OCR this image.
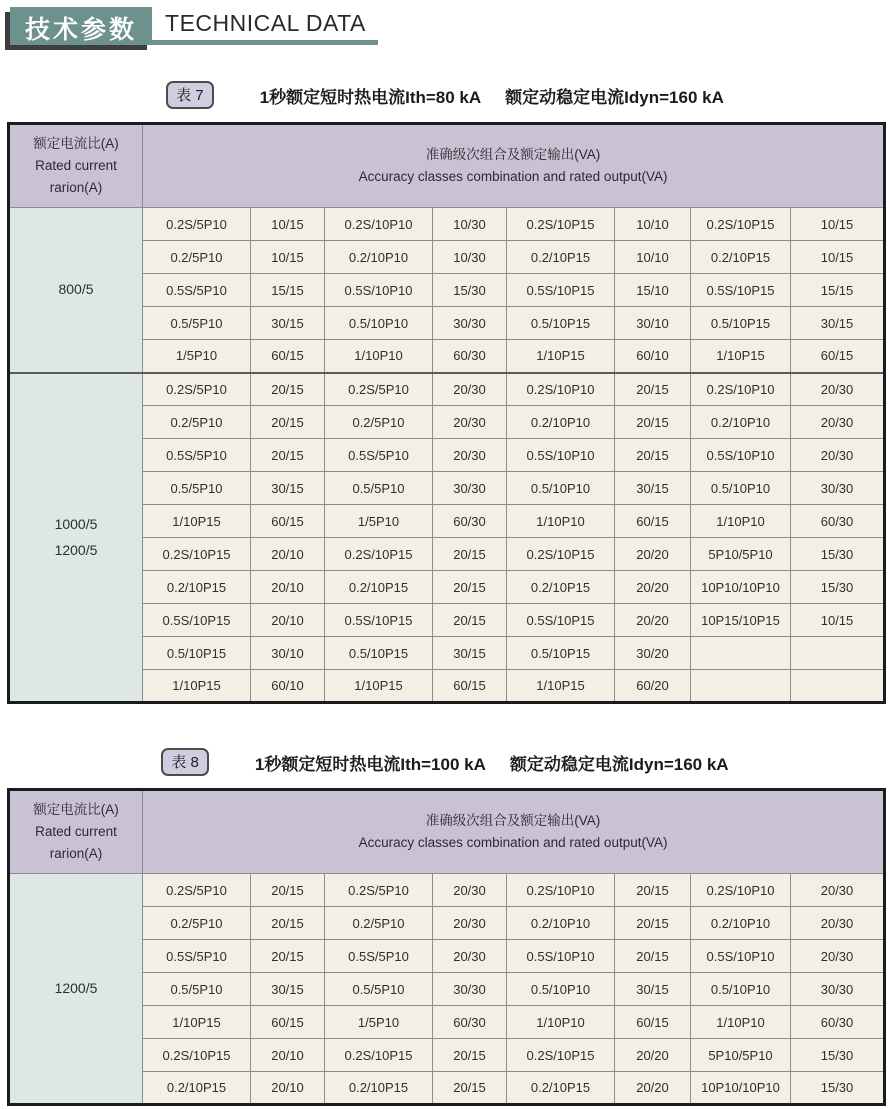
技术参数	TECHNICAL DATA
表 7	1秒额定短时热电流Ith=80 kA 额定动稳定电流Idyn=160 kA
额定电流比(A)
Rated current
rarion(A)	准确级次组合及额定输出(VA)
Accuracy classes combination and rated output(VA)							
800/5	0.2S/5P10	10/15	0.2S/10P10	10/30	0.2S/10P15	10/10	0.2S/10P15	10/15
	0.2/5P10	10/15	0.2/10P10	10/30	0.2/10P15	10/10	0.2/10P15	10/15
	0.5S/5P10	15/15	0.5S/10P10	15/30	0.5S/10P15	15/10	0.5S/10P15	15/15
	0.5/5P10	30/15	0.5/10P10	30/30	0.5/10P15	30/10	0.5/10P15	30/15
	1/5P10	60/15	1/10P10	60/30	1/10P15	60/10	1/10P15	60/15
1000/5
1200/5	0.2S/5P10	20/15	0.2S/5P10	20/30	0.2S/10P10	20/15	0.2S/10P10	20/30
	0.2/5P10	20/15	0.2/5P10	20/30	0.2/10P10	20/15	0.2/10P10	20/30
	0.5S/5P10	20/15	0.5S/5P10	20/30	0.5S/10P10	20/15	0.5S/10P10	20/30
	0.5/5P10	30/15	0.5/5P10	30/30	0.5/10P10	30/15	0.5/10P10	30/30
	1/10P15	60/15	1/5P10	60/30	1/10P10	60/15	1/10P10	60/30
	0.2S/10P15	20/10	0.2S/10P15	20/15	0.2S/10P15	20/20	5P10/5P10	15/30
	0.2/10P15	20/10	0.2/10P15	20/15	0.2/10P15	20/20	10P10/10P10	15/30
	0.5S/10P15	20/10	0.5S/10P15	20/15	0.5S/10P15	20/20	10P15/10P15	10/15
	0.5/10P15	30/10	0.5/10P15	30/15	0.5/10P15	30/20		
	1/10P15	60/10	1/10P15	60/15	1/10P15	60/20		
表 8	1秒额定短时热电流Ith=100 kA 额定动稳定电流Idyn=160 kA
额定电流比(A)
Rated current
rarion(A)	准确级次组合及额定输出(VA)
Accuracy classes combination and rated output(VA)							
1200/5	0.2S/5P10	20/15	0.2S/5P10	20/30	0.2S/10P10	20/15	0.2S/10P10	20/30
	0.2/5P10	20/15	0.2/5P10	20/30	0.2/10P10	20/15	0.2/10P10	20/30
	0.5S/5P10	20/15	0.5S/5P10	20/30	0.5S/10P10	20/15	0.5S/10P10	20/30
	0.5/5P10	30/15	0.5/5P10	30/30	0.5/10P10	30/15	0.5/10P10	30/30
	1/10P15	60/15	1/5P10	60/30	1/10P10	60/15	1/10P10	60/30
	0.2S/10P15	20/10	0.2S/10P15	20/15	0.2S/10P15	20/20	5P10/5P10	15/30
	0.2/10P15	20/10	0.2/10P15	20/15	0.2/10P15	20/20	10P10/10P10	15/30
